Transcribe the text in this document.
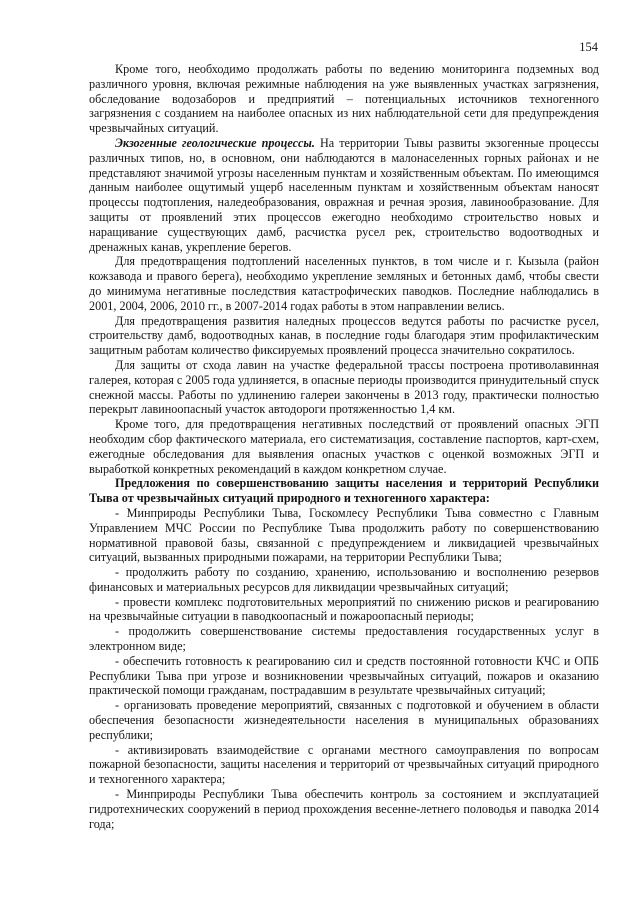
154

Кроме того, необходимо продолжать работы по ведению мониторинга подземных вод различного уровня, включая режимные наблюдения на уже выявленных участках загрязнения, обследование водозаборов и предприятий – потенциальных источников техногенного загрязнения с созданием на наиболее опасных из них наблюдательной сети для предупреждения чрезвычайных ситуаций.

Экзогенные геологические процессы. На территории Тывы развиты экзогенные процессы различных типов, но, в основном, они наблюдаются в малонаселенных горных районах и не представляют значимой угрозы населенным пунктам и хозяйственным объектам. По имеющимся данным наиболее ощутимый ущерб населенным пунктам и хозяйственным объектам наносят процессы подтопления, наледеобразования, овражная и речная эрозия, лавинообразование. Для защиты от проявлений этих процессов ежегодно необходимо строительство новых и наращивание существующих дамб, расчистка русел рек, строительство водоотводных и дренажных канав, укрепление берегов.

Для предотвращения подтоплений населенных пунктов, в том числе и г. Кызыла (район кожзавода и правого берега), необходимо укрепление земляных и бетонных дамб, чтобы свести до минимума негативные последствия катастрофических паводков. Последние наблюдались в 2001, 2004, 2006, 2010 гг., в 2007-2014 годах работы в этом направлении велись.

Для предотвращения развития наледных процессов ведутся работы по расчистке русел, строительству дамб, водоотводных канав, в последние годы благодаря этим профилактическим защитным работам количество фиксируемых проявлений процесса значительно сократилось.

Для защиты от схода лавин на участке федеральной трассы построена противолавинная галерея, которая с 2005 года удлиняется, в опасные периоды производится принудительный спуск снежной массы. Работы по удлинению галереи закончены в 2013 году, практически полностью перекрыт лавиноопасный участок автодороги протяженностью 1,4 км.

Кроме того, для предотвращения негативных последствий от проявлений опасных ЭГП необходим сбор фактического материала, его систематизация, составление паспортов, карт-схем, ежегодные обследования для выявления опасных участков с оценкой возможных ЭГП и выработкой конкретных рекомендаций в каждом конкретном случае.

Предложения по совершенствованию защиты населения и территорий Республики Тыва от чрезвычайных ситуаций природного и техногенного характера:

- Минприроды Республики Тыва, Госкомлесу Республики Тыва совместно с Главным Управлением МЧС России по Республике Тыва продолжить работу по совершенствованию нормативной правовой базы, связанной с предупреждением и ликвидацией чрезвычайных ситуаций, вызванных природными пожарами, на территории Республики Тыва;

- продолжить работу по созданию, хранению, использованию и восполнению резервов финансовых и материальных ресурсов для ликвидации чрезвычайных ситуаций;

- провести комплекс подготовительных мероприятий по снижению рисков и реагированию на чрезвычайные ситуации в паводкоопасный и пожароопасный периоды;

- продолжить совершенствование системы предоставления государственных услуг в электронном виде;

- обеспечить готовность к реагированию сил и средств постоянной готовности КЧС и ОПБ Республики Тыва при угрозе и возникновении чрезвычайных ситуаций, пожаров и оказанию практической помощи гражданам, пострадавшим в результате чрезвычайных ситуаций;

- организовать проведение мероприятий, связанных с подготовкой и обучением в области обеспечения безопасности жизнедеятельности населения в муниципальных образованиях республики;

- активизировать взаимодействие с органами местного самоуправления по вопросам пожарной безопасности, защиты населения и территорий от чрезвычайных ситуаций природного и техногенного характера;

- Минприроды Республики Тыва обеспечить контроль за состоянием и эксплуатацией гидротехнических сооружений в период прохождения весенне-летнего половодья и паводка 2014 года;
